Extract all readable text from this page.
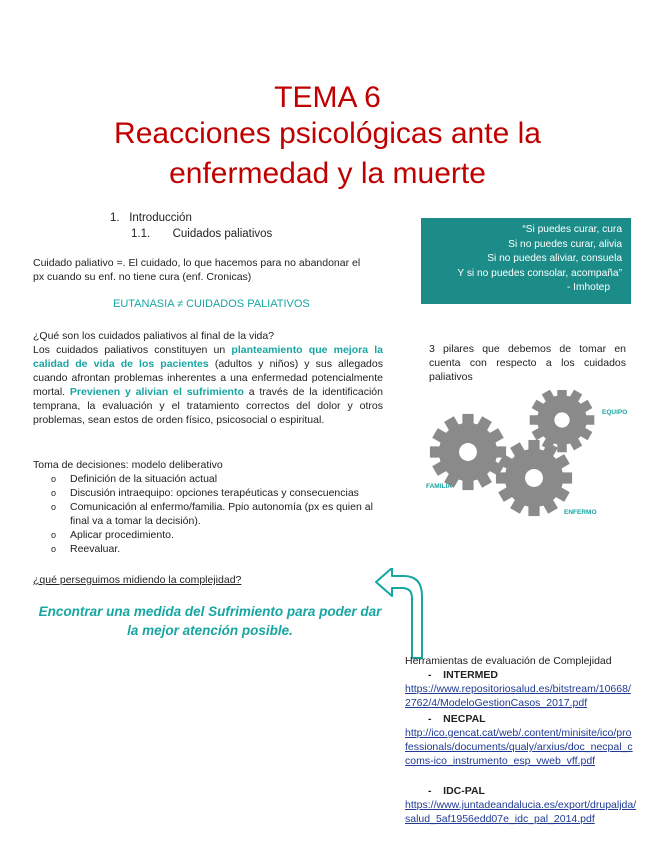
TEMA 6
Reacciones psicológicas ante la
enfermedad y la muerte
1. Introducción
1.1. Cuidados paliativos	“Si puedes curar, cura
Si no puedes curar, alivia
Si no puedes aliviar, consuela
Y si no puedes consolar, acompaña”
- Imhotep
Cuidado paliativo =. El cuidado, lo que hacemos para no abandonar el
px cuando su enf. no tiene cura (enf. Cronicas)
EUTANASIA ≠ CUIDADOS PALIATIVOS
¿Qué son los cuidados paliativos al final de la vida?
Los cuidados paliativos constituyen un planteamiento que mejora la calidad de vida de los pacientes (adultos y niños) y sus allegados cuando afrontan problemas inherentes a una enfermedad potencialmente mortal. Previenen y alivian el sufrimiento a través de la identificación temprana, la evaluación y el tratamiento correctos del dolor y otros problemas, sean estos de orden físico, psicosocial o espiritual.
3 pilares que debemos de tomar en cuenta con respecto a los cuidados paliativos
EQUIPO
FAMILIA
ENFERMO
Toma de decisiones: modelo deliberativo
o Definición de la situación actual
o Discusión intraequipo: opciones terapéuticas y consecuencias
o Comunicación al enfermo/familia. Ppio autonomía (px es quien al final va a tomar la decisión).
o Aplicar procedimiento.
o Reevaluar.
¿qué perseguimos midiendo la complejidad?
Encontrar una medida del Sufrimiento para poder dar
la mejor atención posible.
Herramientas de evaluación de Complejidad
- INTERMED
https://www.repositoriosalud.es/bitstream/10668/2762/4/ModeloGestionCasos_2017.pdf
- NECPAL
http://ico.gencat.cat/web/.content/minisite/ico/professionals/documents/qualy/arxius/doc_necpal_ccoms-ico_instrumento_esp_vweb_vff.pdf
- IDC-PAL
https://www.juntadeandalucia.es/export/drupaljda/salud_5af1956edd07e_idc_pal_2014.pdf
